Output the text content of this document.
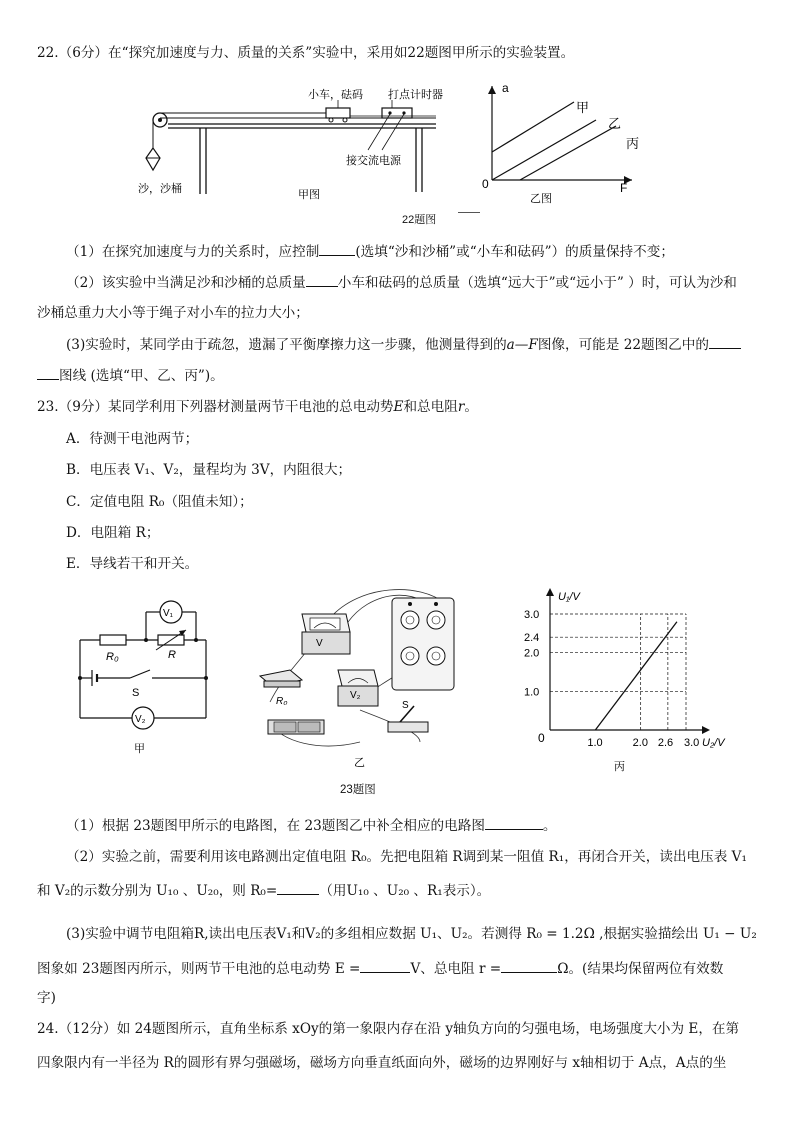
22.（6分）在“探究加速度与力、质量的关系”实验中，采用如22题图甲所示的实验装置。
小车，砝码 打点计时器
接交流电源
沙，沙桶	甲图
a
F
0
甲
乙
丙
乙图
22题图
（1）在探究加速度与力的关系时，应控制	(选填“沙和沙桶”或“小车和砝码”）的质量保持不变；
（2）该实验中当满足沙和沙桶的总质量 小车和砝码的总质量（选填“远大于”或“远小于” ）时，可认为沙和
沙桶总重力大小等于绳子对小车的拉力大小；
(3)实验时，某同学由于疏忽，遗漏了平衡摩擦力这一步骤，他测量得到的a—F图像，可能是 22题图乙中的
图线 (选填“甲、乙、丙”)。
23.（9分）某同学利用下列器材测量两节干电池的总电动势E和总电阻r。
A．待测干电池两节；
B．电压表 V₁、V₂，量程均为 3V，内阻很大；
C．定值电阻 R₀（阻值未知）；
D．电阻箱 R；
E．导线若干和开关。
V₁
R₀	R
S
V₂
甲
V
R₀
V₂
S
乙
1.0
2.0
2.4
3.0
1.0	2.0 2.6 3.0
U₁/V
U₂/V
0
丙
23题图
（1）根据 23题图甲所示的电路图，在 23题图乙中补全相应的电路图	。
（2）实验之前，需要利用该电路测出定值电阻 R₀。先把电阻箱 R调到某一阻值 R₁，再闭合开关，读出电压表 V₁
和 V₂的示数分别为 U₁₀ 、U₂₀，则 R₀=	（用U₁₀ 、U₂₀ 、R₁表示）。
(3)实验中调节电阻箱R,读出电压表V₁和V₂的多组相应数据 U₁、U₂。若测得 R₀ = 1.2Ω ,根据实验描绘出 U₁ − U₂
图象如 23题图丙所示，则两节干电池的总电动势 E =	V、总电阻 r =	Ω。(结果均保留两位有效数
字)
24.（12分）如 24题图所示，直角坐标系 xOy的第一象限内存在沿 y轴负方向的匀强电场，电场强度大小为 E，在第
四象限内有一半径为 R的圆形有界匀强磁场，磁场方向垂直纸面向外，磁场的边界刚好与 x轴相切于 A点，A点的坐
